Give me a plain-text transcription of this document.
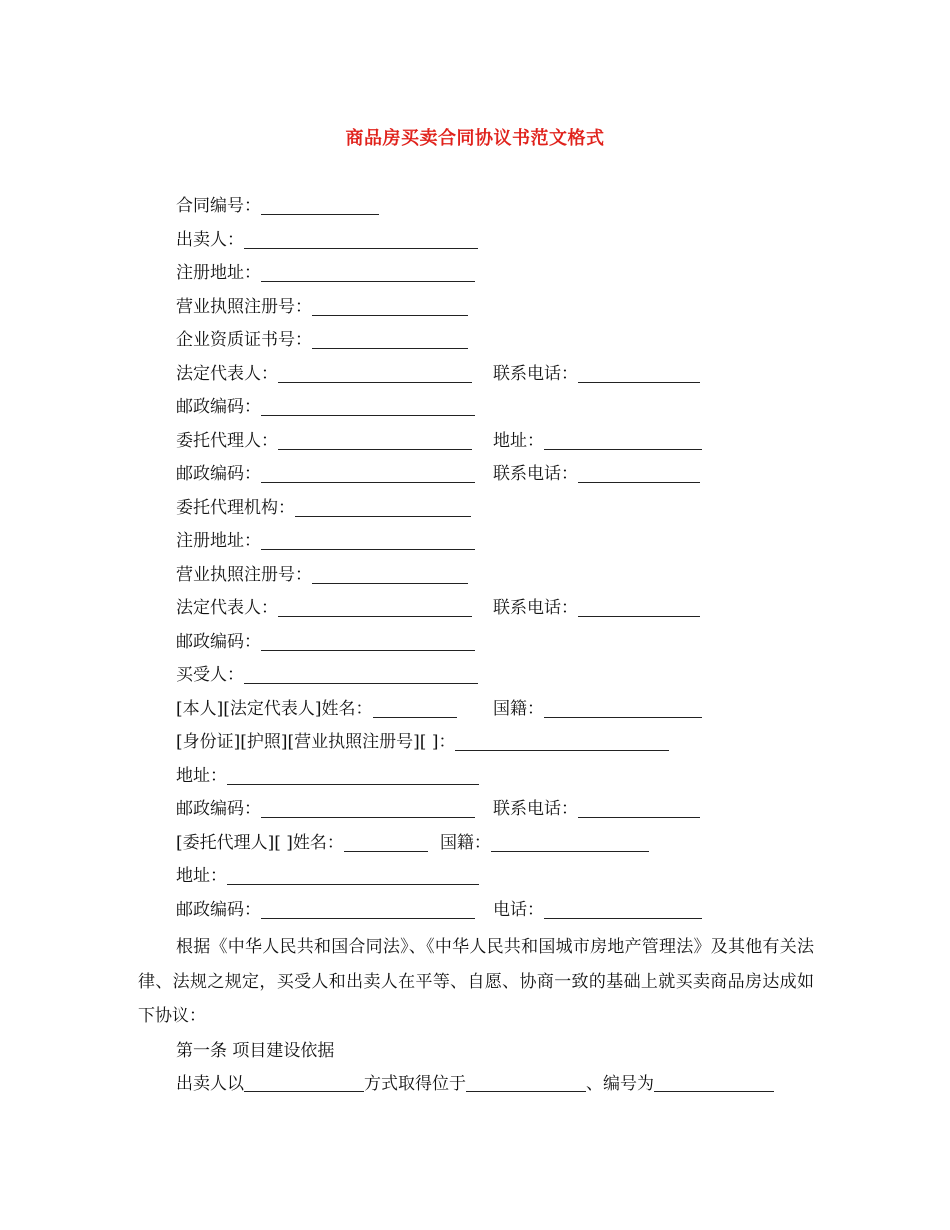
商品房买卖合同协议书范文格式
合同编号：
出卖人：
注册地址：
营业执照注册号：
企业资质证书号：
法定代表人：	联系电话：
邮政编码：
委托代理人：	地址：
邮政编码：	联系电话：
委托代理机构：
注册地址：
营业执照注册号：
法定代表人：	联系电话：
邮政编码：
买受人：
[本人][法定代表人]姓名：	国籍：
[身份证][护照][营业执照注册号][ ]：
地址：
邮政编码：	联系电话：
[委托代理人][ ]姓名：	国籍：
地址：
邮政编码：	电话：
根据《中华人民共和国合同法》、《中华人民共和国城市房地产管理法》及其他有关法律、法规之规定，买受人和出卖人在平等、自愿、协商一致的基础上就买卖商品房达成如下协议：
第一条 项目建设依据
出卖人以	方式取得位于	、编号为
